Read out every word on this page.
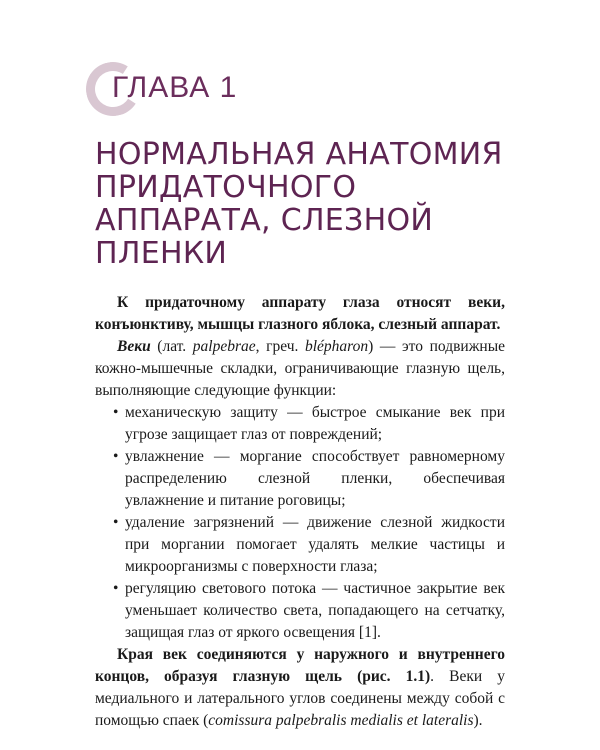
ГЛАВА 1
НОРМАЛЬНАЯ АНАТОМИЯ
ПРИДАТОЧНОГО
АППАРАТА, СЛЕЗНОЙ
ПЛЕНКИ

К придаточному аппарату глаза относят веки, конъюнктиву, мышцы глазного яблока, слезный аппарат.

Веки (лат. palpebrae, греч. blépharon) — это подвижные кожно-мышечные складки, ограничивающие глазную щель, выполняющие следующие функции:

• механическую защиту — быстрое смыкание век при угрозе защищает глаз от повреждений;
• увлажнение — моргание способствует равномерному распределению слезной пленки, обеспечивая увлажнение и питание роговицы;
• удаление загрязнений — движение слезной жидкости при моргании помогает удалять мелкие частицы и микроорганизмы с поверхности глаза;
• регуляцию светового потока — частичное закрытие век уменьшает количество света, попадающего на сетчатку, защищая глаз от яркого освещения [1].

Края век соединяются у наружного и внутреннего концов, образуя глазную щель (рис. 1.1). Веки у медиального и латерального углов соединены между собой с помощью спаек (comissura palpebralis medialis et lateralis).
